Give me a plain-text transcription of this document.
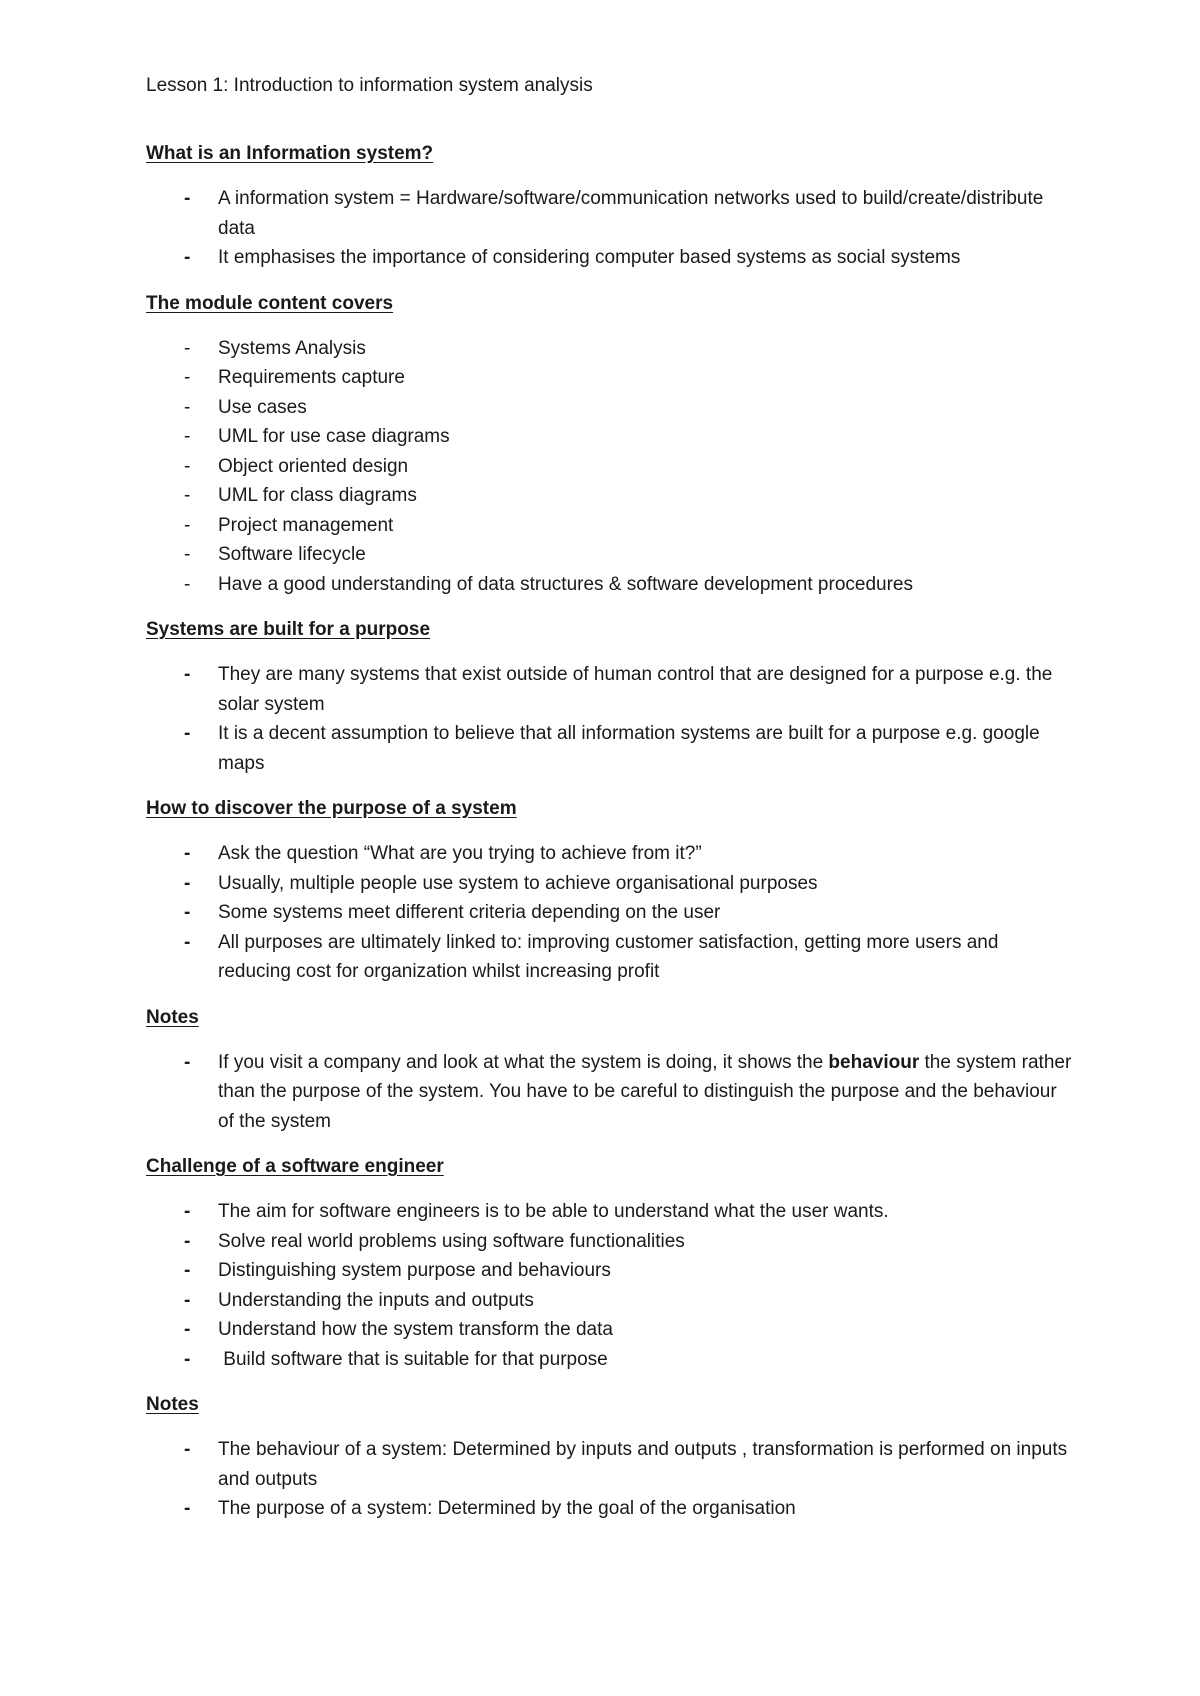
Lesson 1: Introduction to information system analysis
What is an Information system?
-	A information system = Hardware/software/communication networks used to build/create/distribute data
-	It emphasises the importance of considering computer based systems as social systems
The module content covers
-	Systems Analysis
-	Requirements capture
-	Use cases
-	UML for use case diagrams
-	Object oriented design
-	UML for class diagrams
-	Project management
-	Software lifecycle
-	Have a good understanding of data structures & software development procedures
Systems are built for a purpose
-	They are many systems that exist outside of human control that are designed for a purpose e.g. the solar system
-	It is a decent assumption to believe that all information systems are built for a purpose e.g. google maps
How to discover the purpose of a system
-	Ask the question “What are you trying to achieve from it?”
-	Usually, multiple people use system to achieve organisational purposes
-	Some systems meet different criteria depending on the user
-	All purposes are ultimately linked to: improving customer satisfaction, getting more users and reducing cost for organization whilst increasing profit
Notes
-	If you visit a company and look at what the system is doing, it shows the behaviour the system rather than the purpose of the system. You have to be careful to distinguish the purpose and the behaviour of the system
Challenge of a software engineer
-	The aim for software engineers is to be able to understand what the user wants.
-	Solve real world problems using software functionalities
-	Distinguishing system purpose and behaviours
-	Understanding the inputs and outputs
-	Understand how the system transform the data
-	Build software that is suitable for that purpose
Notes
-	The behaviour of a system: Determined by inputs and outputs , transformation is performed on inputs and outputs
-	The purpose of a system: Determined by the goal of the organisation
